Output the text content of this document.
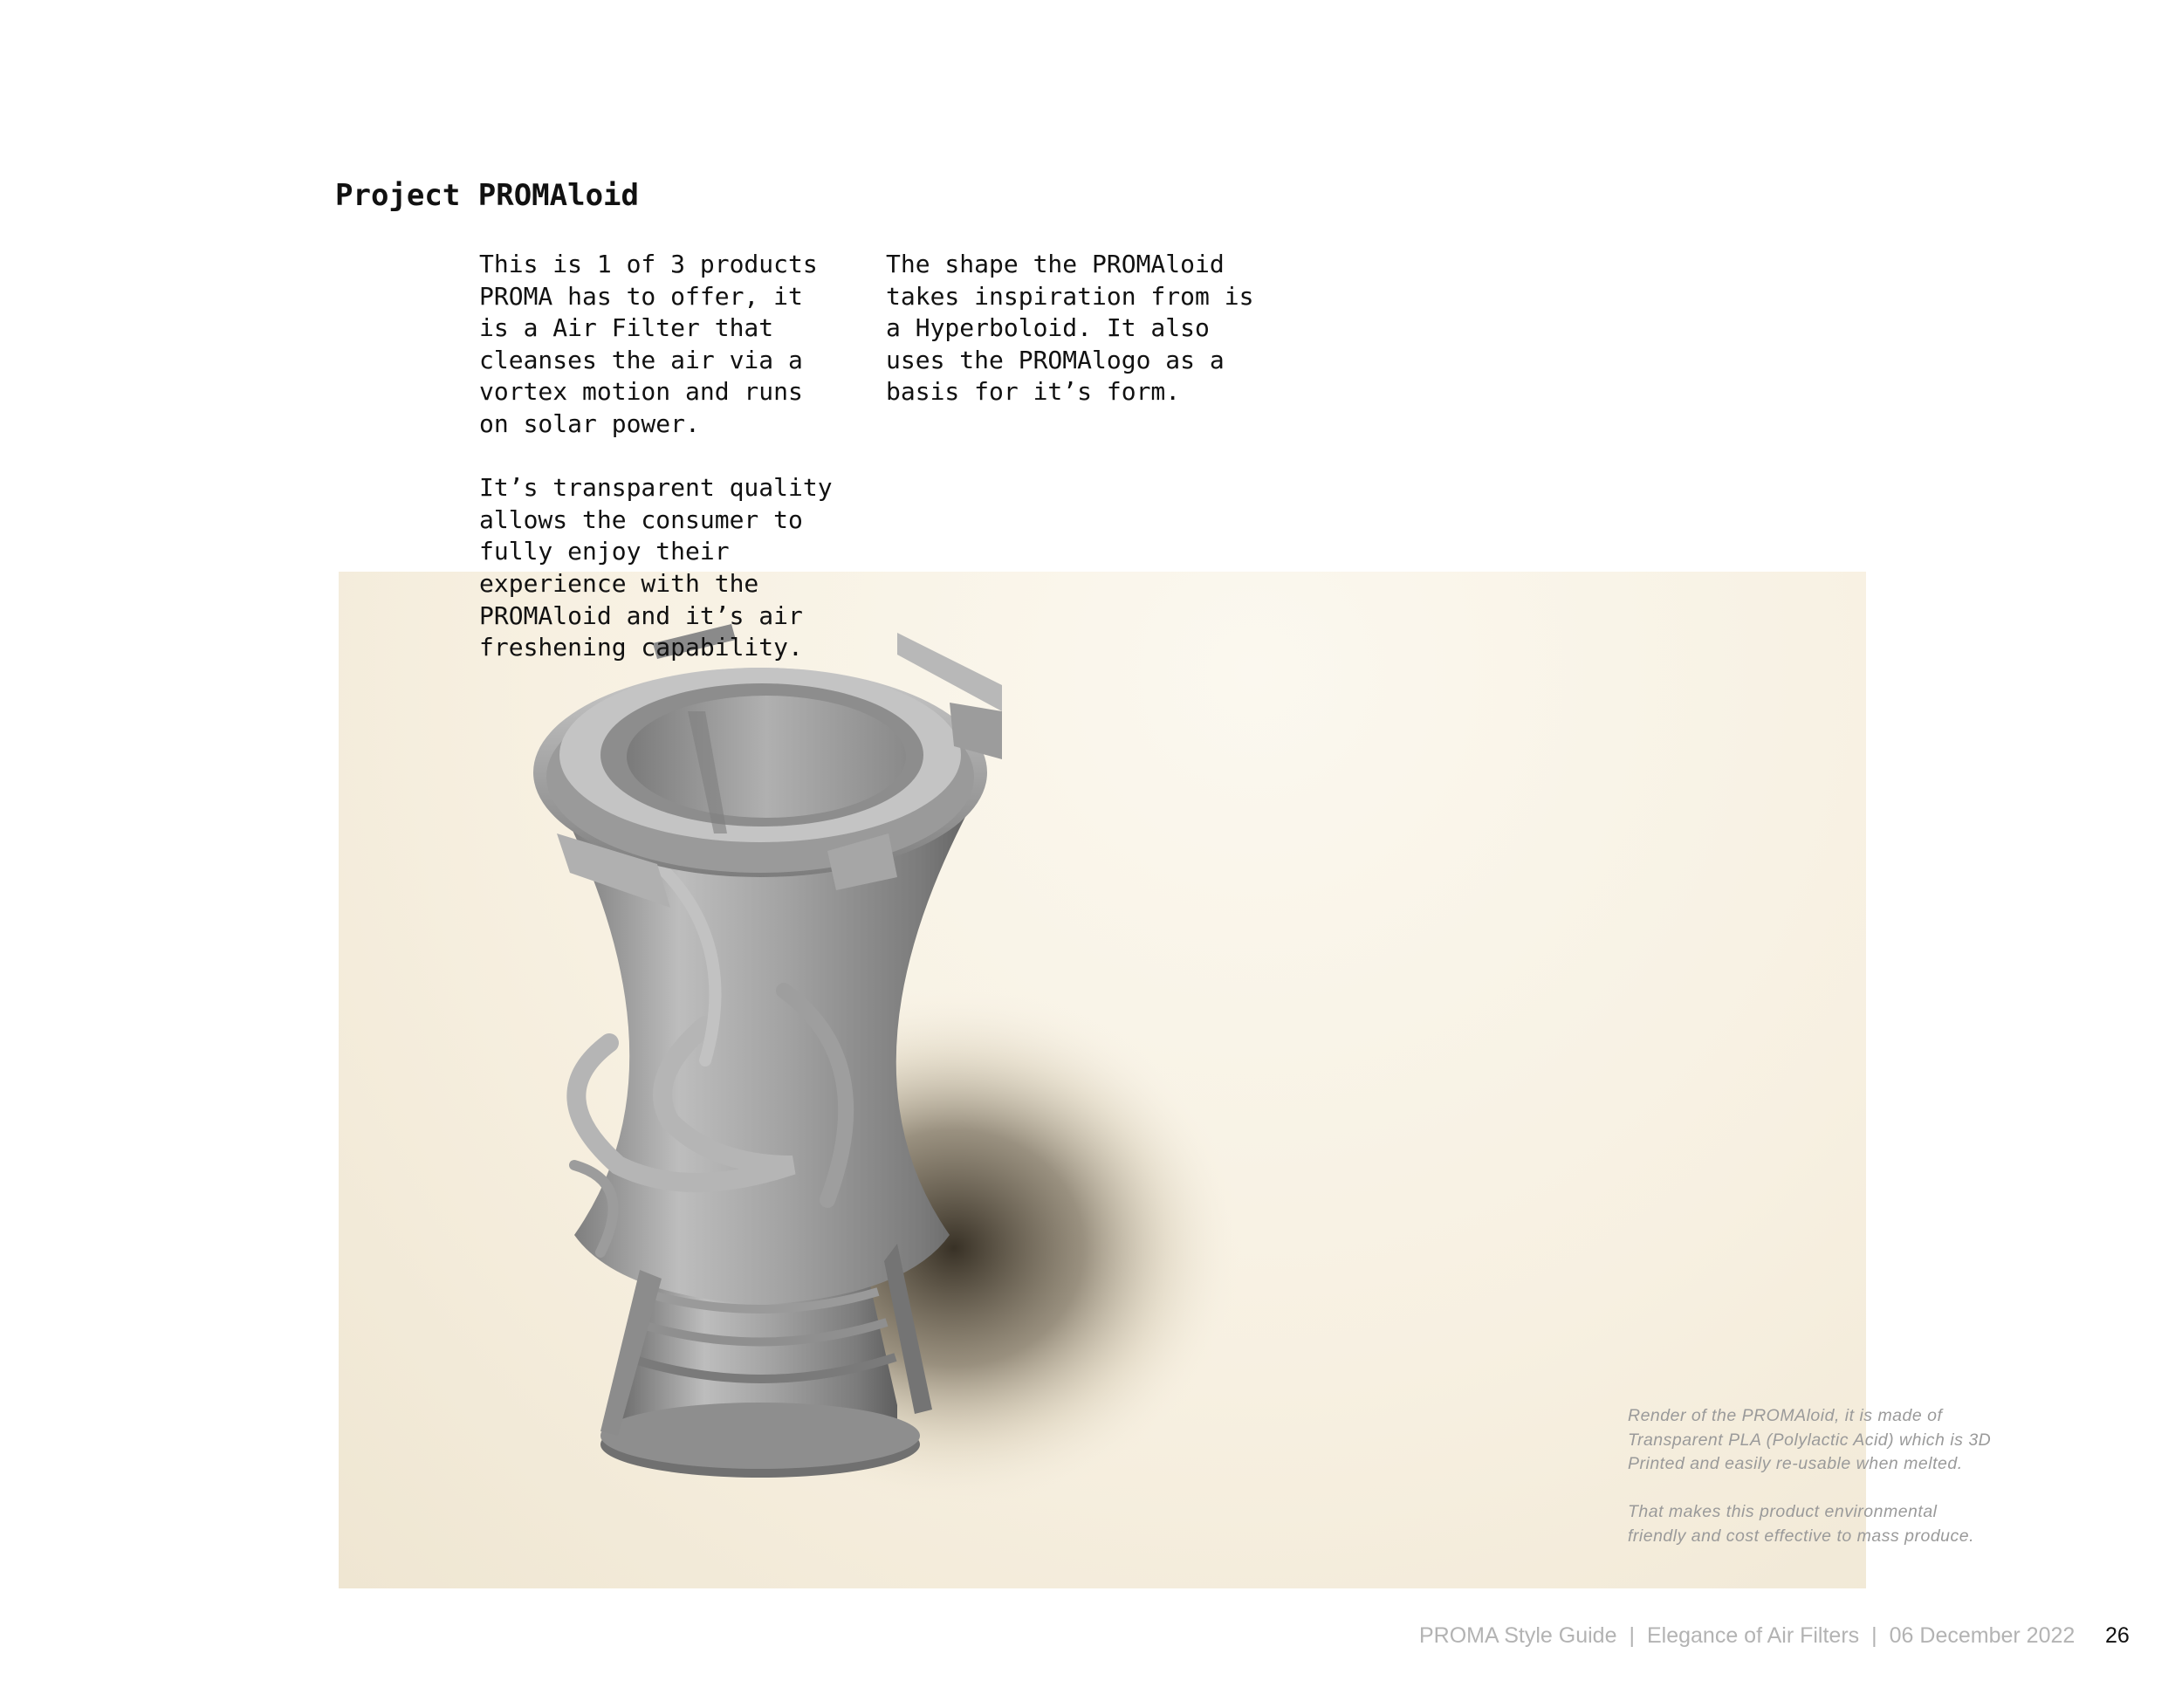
Project PROMAloid

This is 1 of 3 products
PROMA has to offer, it
is a Air Filter that
cleanses the air via a
vortex motion and runs
on solar power.

It’s transparent quality
allows the consumer to
fully enjoy their
experience with the
PROMAloid and it’s air
freshening capability.

The shape the PROMAloid
takes inspiration from is
a Hyperboloid. It also
uses the PROMAlogo as a
basis for it’s form.

Render of the PROMAloid, it is made of
Transparent PLA (Polylactic Acid) which is 3D
Printed and easily re-usable when melted.

That makes this product environmental
friendly and cost effective to mass produce.

PROMA Style Guide | Elegance of Air Filters | 06 December 2022 26
